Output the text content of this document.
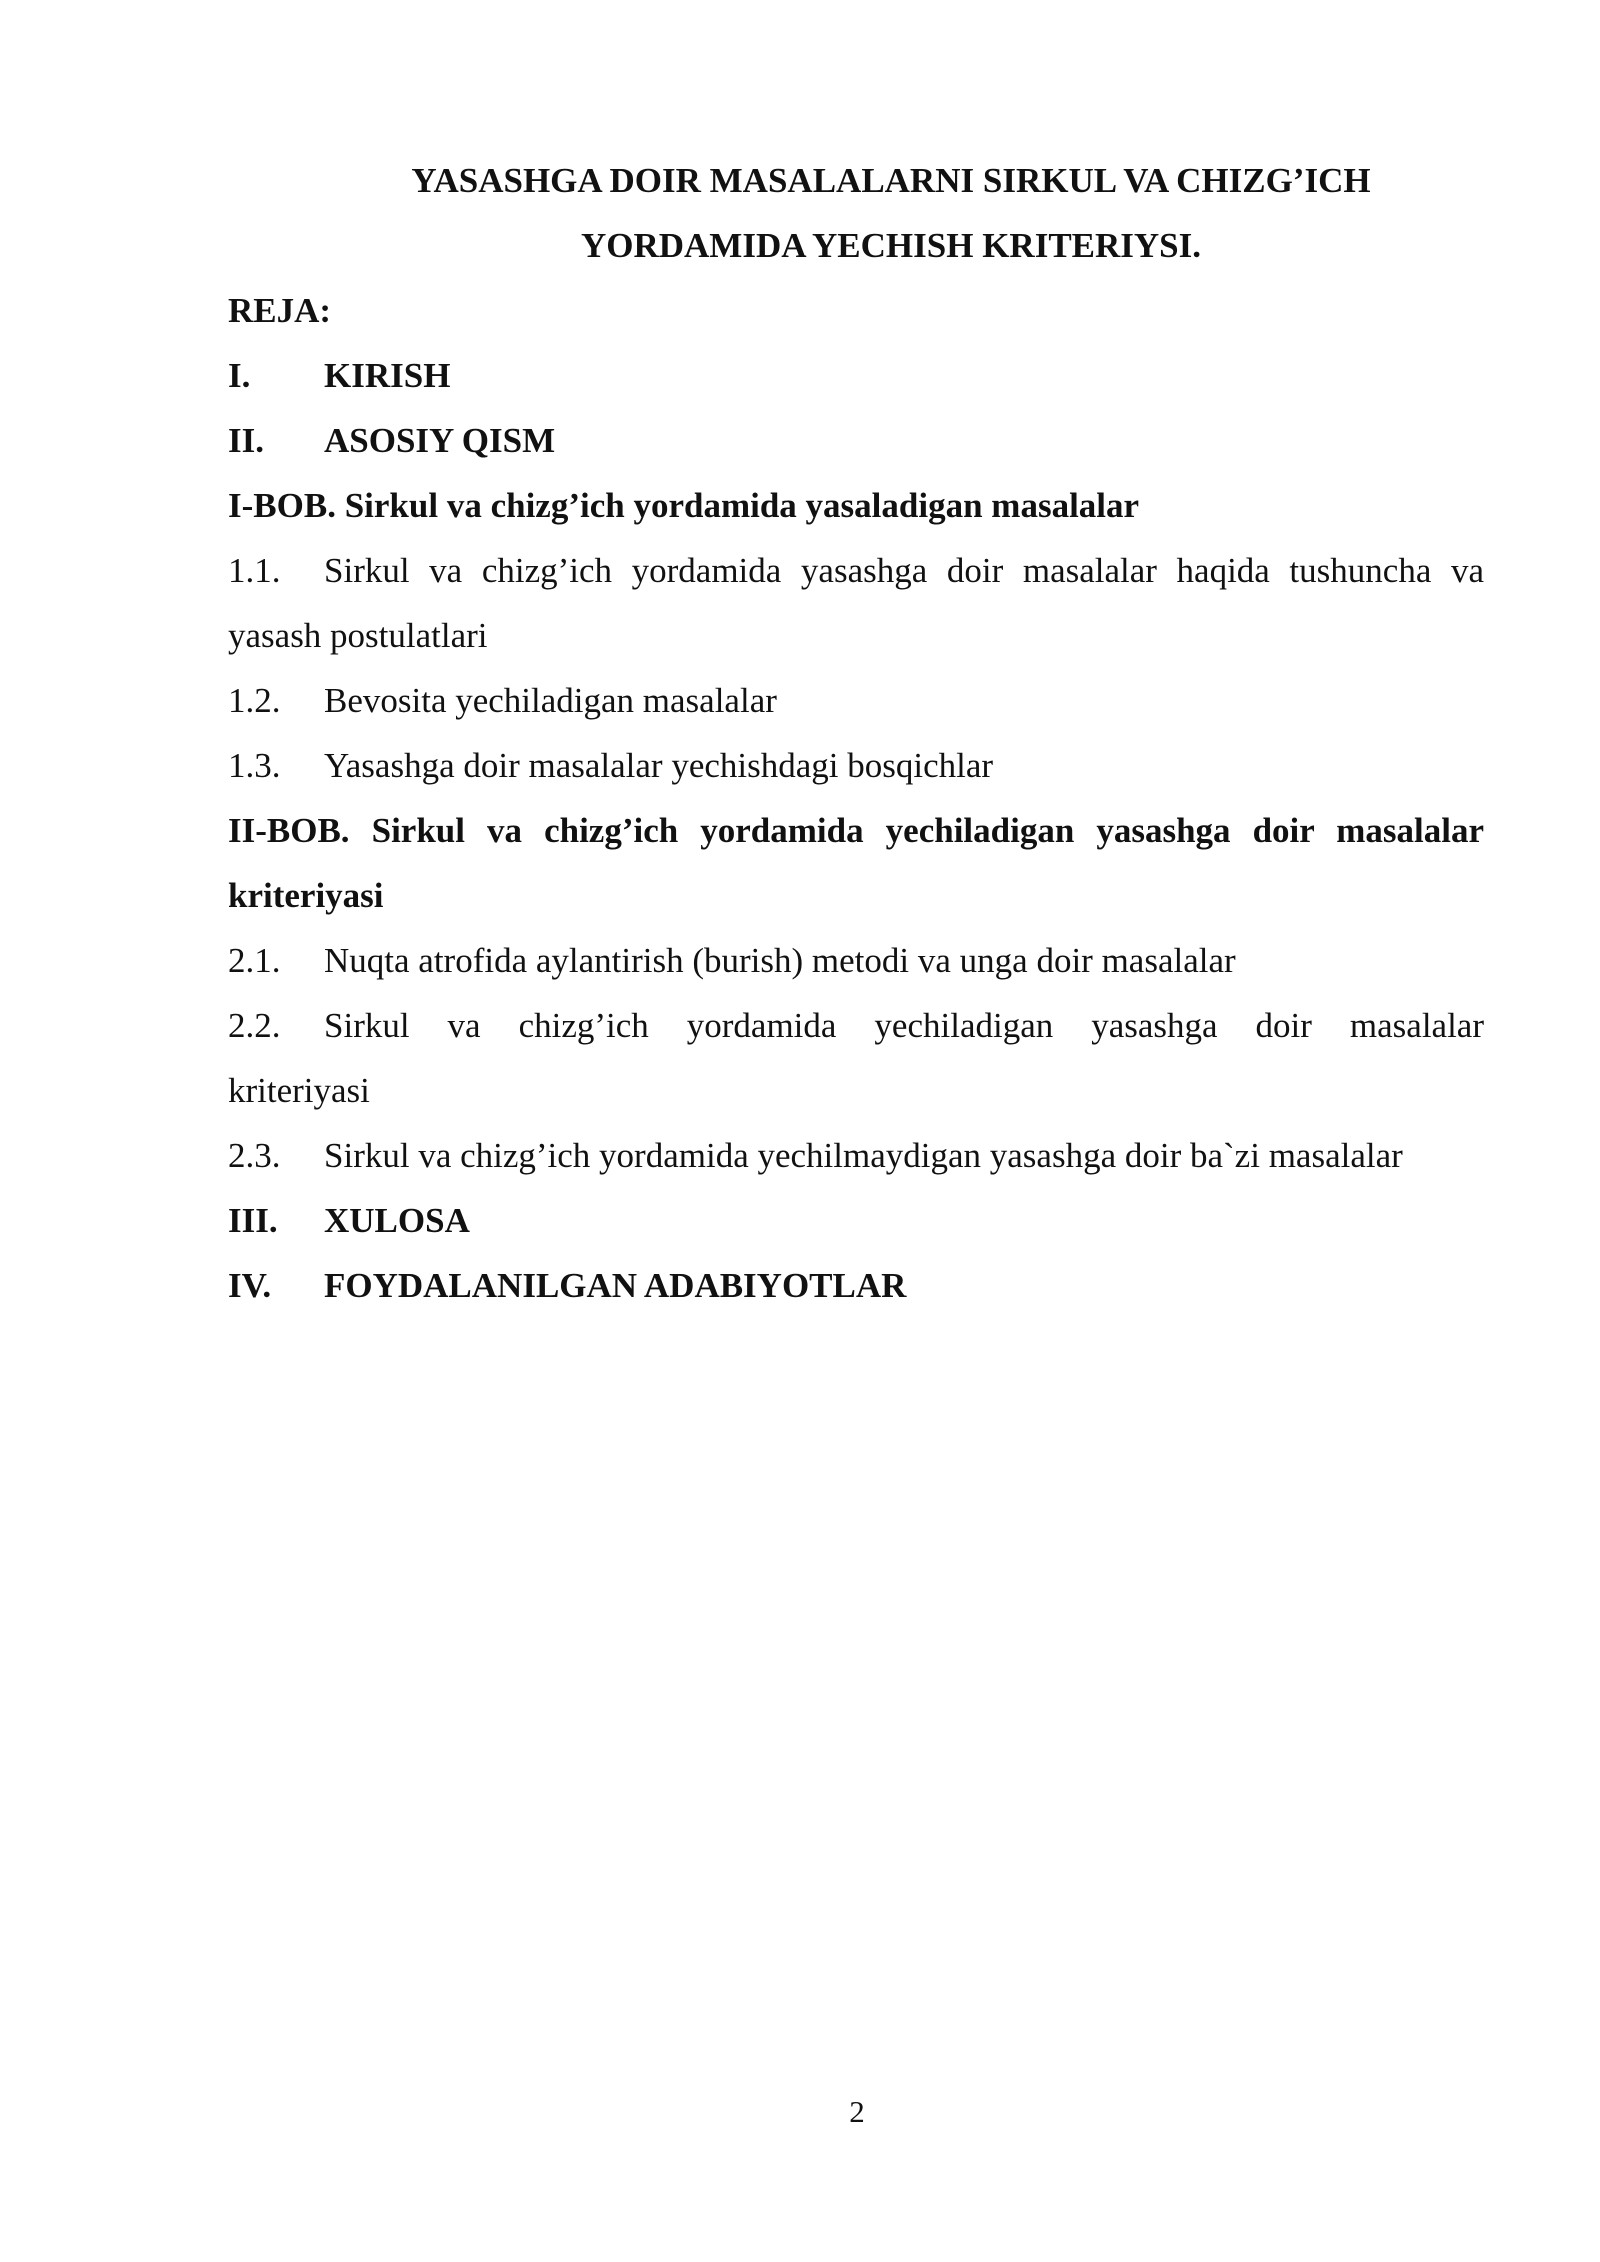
YASASHGA DOIR MASALALARNI SIRKUL VA CHIZG’ICH
YORDAMIDA YECHISH KRITERIYSI.
REJA:
I.	KIRISH
II.	ASOSIY QISM
I-BOB. Sirkul va chizg’ich yordamida yasaladigan masalalar
1.1.	Sirkul va chizg’ich yordamida yasashga doir masalalar haqida tushuncha va
yasash postulatlari
1.2.	Bevosita yechiladigan masalalar
1.3.	Yasashga doir masalalar yechishdagi bosqichlar
II-BOB. Sirkul va chizg’ich yordamida yechiladigan yasashga doir masalalar
kriteriyasi
2.1.	Nuqta atrofida aylantirish (burish) metodi va unga doir masalalar
2.2.	Sirkul va chizg’ich yordamida yechiladigan yasashga doir masalalar
kriteriyasi
2.3.	Sirkul va chizg’ich yordamida yechilmaydigan yasashga doir ba`zi masalalar
III.	XULOSA
IV.	FOYDALANILGAN ADABIYOTLAR
2
